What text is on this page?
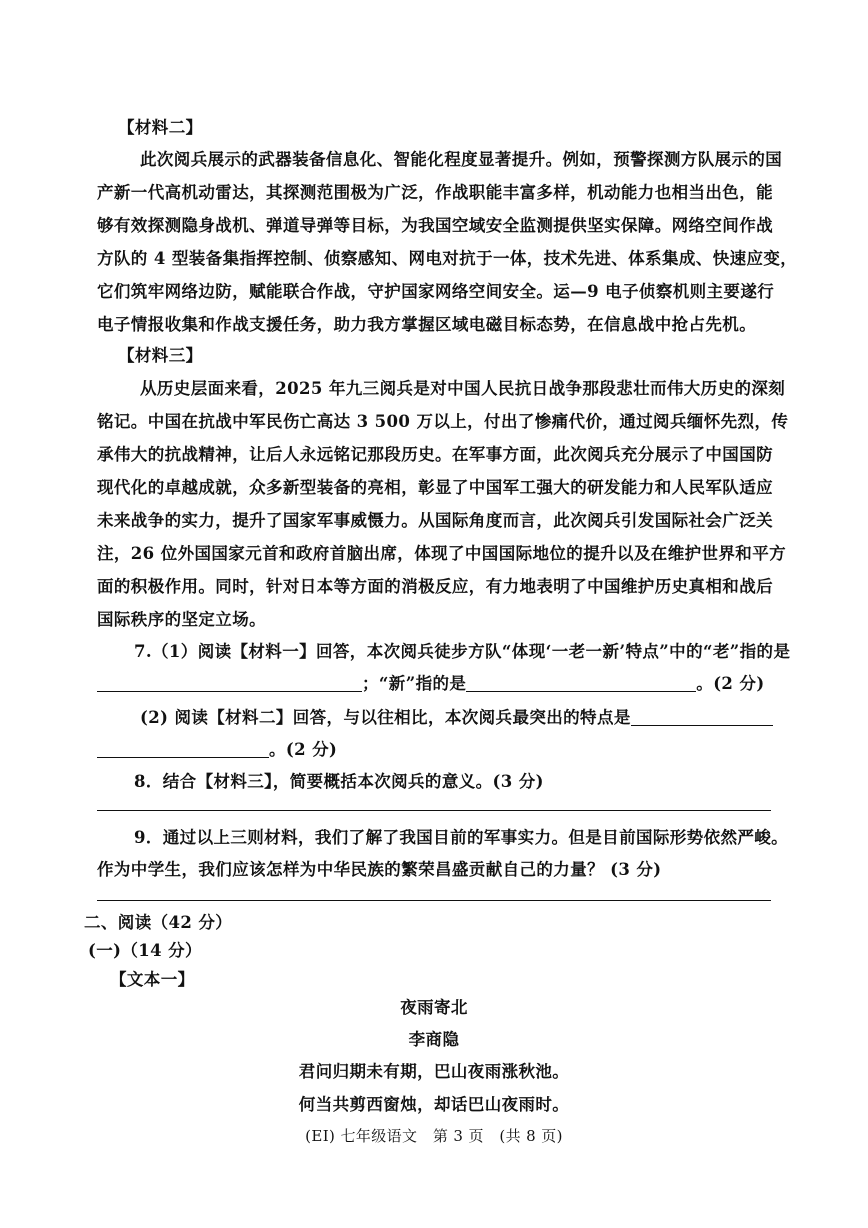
【材料二】
此次阅兵展示的武器装备信息化、智能化程度显著提升。例如，预警探测方队展示的国
产新一代高机动雷达，其探测范围极为广泛，作战职能丰富多样，机动能力也相当出色，能
够有效探测隐身战机、弹道导弹等目标，为我国空域安全监测提供坚实保障。网络空间作战
方队的 4 型装备集指挥控制、侦察感知、网电对抗于一体，技术先进、体系集成、快速应变，
它们筑牢网络边防，赋能联合作战，守护国家网络空间安全。运—9 电子侦察机则主要遂行
电子情报收集和作战支援任务，助力我方掌握区域电磁目标态势，在信息战中抢占先机。
【材料三】
从历史层面来看，2025 年九三阅兵是对中国人民抗日战争那段悲壮而伟大历史的深刻
铭记。中国在抗战中军民伤亡高达 3 500 万以上，付出了惨痛代价，通过阅兵缅怀先烈，传
承伟大的抗战精神，让后人永远铭记那段历史。在军事方面，此次阅兵充分展示了中国国防
现代化的卓越成就，众多新型装备的亮相，彰显了中国军工强大的研发能力和人民军队适应
未来战争的实力，提升了国家军事威慑力。从国际角度而言，此次阅兵引发国际社会广泛关
注，26 位外国国家元首和政府首脑出席，体现了中国国际地位的提升以及在维护世界和平方
面的积极作用。同时，针对日本等方面的消极反应，有力地表明了中国维护历史真相和战后
国际秩序的坚定立场。
7.（1）阅读【材料一】回答，本次阅兵徒步方队“体现‘一老一新’特点”中的“老”指的是
；“新”指的是	。(2 分)
(2) 阅读【材料二】回答，与以往相比，本次阅兵最突出的特点是
。(2 分)
8．结合【材料三】，简要概括本次阅兵的意义。(3 分)
9．通过以上三则材料，我们了解了我国目前的军事实力。但是目前国际形势依然严峻。
作为中学生，我们应该怎样为中华民族的繁荣昌盛贡献自己的力量？ (3 分)
二、阅读（42 分）
(一)（14 分）
【文本一】
夜雨寄北
李商隐
君问归期未有期，巴山夜雨涨秋池。
何当共剪西窗烛，却话巴山夜雨时。
(EI) 七年级语文　第 3 页　(共 8 页)
